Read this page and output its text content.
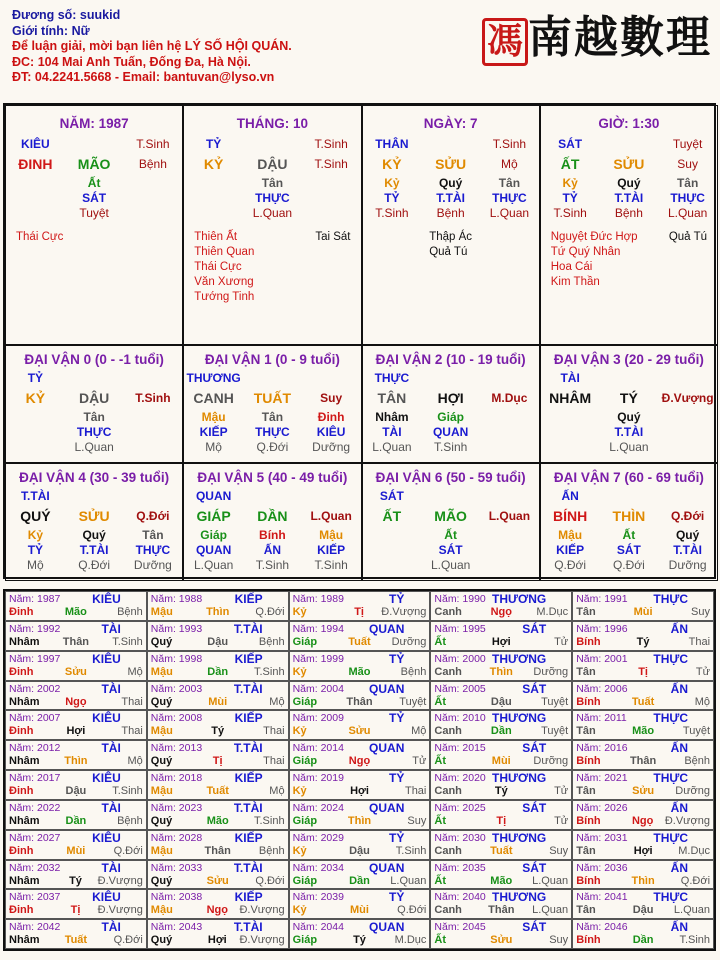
Đương số: suukid
Giới tính: Nữ
Để luận giải, mời bạn liên hệ LÝ SỐ HỘI QUÁN.
ĐC: 104 Mai Anh Tuấn, Đống Đa, Hà Nội.
ĐT: 04.2241.5668 - Email: bantuvan@lyso.vn
馮 南越數理
NĂM: 1987
KIÊU	T.Sinh
ĐINH	MÃO	Bệnh
Ất
SÁT
Tuyệt
Thái Cực
THÁNG: 10
TỶ	T.Sinh
KỶ	DẬU	T.Sinh
Tân
THỰC
L.Quan
Thiên Ất
Thiên Quan
Thái Cực
Văn Xương
Tướng Tinh
Tai Sát
NGÀY: 7
THÂN	T.Sinh
KỶ	SỬU	Mộ
Kỷ	Quý	Tân
TỶ	T.TÀI	THỰC
T.Sinh	Bệnh	L.Quan
Thập Ác
Quả Tú
GIỜ: 1:30
SÁT	Tuyệt
ẤT	SỬU	Suy
Kỷ	Quý	Tân
TỶ	T.TÀI	THỰC
T.Sinh	Bệnh	L.Quan
Nguyệt Đức Hợp
Tứ Quý Nhân
Hoa Cái
Kim Thần
Quả Tú
ĐẠI VẬN 0 (0 - -1 tuổi)
TỶ
KỶ	DẬU	T.Sinh
Tân
THỰC
L.Quan
ĐẠI VẬN 1 (0 - 9 tuổi)
THƯƠNG
CANH	TUẤT	Suy
Mậu	Tân	Đinh
KIẾP	THỰC	KIÊU
Mộ	Q.Đới	Dưỡng
ĐẠI VẬN 2 (10 - 19 tuổi)
THỰC
TÂN	HỢI	M.Dục
Nhâm	Giáp
TÀI	QUAN
L.Quan	T.Sinh
ĐẠI VẬN 3 (20 - 29 tuổi)
TÀI
NHÂM	TÝ	Đ.Vượng
Quý
T.TÀI
L.Quan
ĐẠI VẬN 4 (30 - 39 tuổi)
T.TÀI
QUÝ	SỬU	Q.Đới
Kỷ	Quý	Tân
TỶ	T.TÀI	THỰC
Mộ	Q.Đới	Dưỡng
ĐẠI VẬN 5 (40 - 49 tuổi)
QUAN
GIÁP	DẦN	L.Quan
Giáp	Bính	Mậu
QUAN	ẤN	KIẾP
L.Quan	T.Sinh	T.Sinh
ĐẠI VẬN 6 (50 - 59 tuổi)
SÁT
ẤT	MÃO	L.Quan
Ất
SÁT
L.Quan
ĐẠI VẬN 7 (60 - 69 tuổi)
ẤN
BÍNH	THÌN	Q.Đới
Mậu	Ất	Quý
KIẾP	SÁT	T.TÀI
Q.Đới	Q.Đới	Dưỡng
Năm: 1987	KIÊU
Đinh	Mão	Bệnh
Năm: 1988	KIẾP
Mậu	Thìn	Q.Đới
Năm: 1989	TỶ
Kỷ	Tị	Đ.Vượng
Năm: 1990 THƯƠNG
Canh	Ngọ	M.Dục
Năm: 1991 THỰC
Tân	Mùi	Suy
Năm: 1992	TÀI
Nhâm	Thân	T.Sinh
Năm: 1993	T.TÀI
Quý	Dậu	Bệnh
Năm: 1994 QUAN
Giáp	Tuất	Dưỡng
Năm: 1995	SÁT
Ất	Hợi	Tử
Năm: 1996	ẤN
Bính	Tý	Thai
Năm: 1997	KIÊU
Đinh	Sửu	Mộ
Năm: 1998	KIẾP
Mậu	Dần	T.Sinh
Năm: 1999	TỶ
Kỷ	Mão	Bệnh
Năm: 2000 THƯƠNG
Canh	Thìn	Dưỡng
Năm: 2001 THỰC
Tân	Tị	Tử
Năm: 2002	TÀI
Nhâm	Ngọ	Thai
Năm: 2003	T.TÀI
Quý	Mùi	Mộ
Năm: 2004 QUAN
Giáp	Thân	Tuyệt
Năm: 2005	SÁT
Ất	Dậu	Tuyệt
Năm: 2006	ẤN
Bính	Tuất	Mộ
Năm: 2007	KIÊU
Đinh	Hợi	Thai
Năm: 2008	KIẾP
Mậu	Tý	Thai
Năm: 2009	TỶ
Kỷ	Sửu	Mộ
Năm: 2010 THƯƠNG
Canh	Dần	Tuyệt
Năm: 2011 THỰC
Tân	Mão	Tuyệt
Năm: 2012	TÀI
Nhâm	Thìn	Mộ
Năm: 2013	T.TÀI
Quý	Tị	Thai
Năm: 2014 QUAN
Giáp	Ngọ	Tử
Năm: 2015	SÁT
Ất	Mùi	Dưỡng
Năm: 2016	ẤN
Bính	Thân	Bệnh
Năm: 2017	KIÊU
Đinh	Dậu	T.Sinh
Năm: 2018	KIẾP
Mậu	Tuất	Mộ
Năm: 2019	TỶ
Kỷ	Hợi	Thai
Năm: 2020 THƯƠNG
Canh	Tý	Tử
Năm: 2021 THỰC
Tân	Sửu	Dưỡng
Năm: 2022	TÀI
Nhâm	Dần	Bệnh
Năm: 2023	T.TÀI
Quý	Mão	T.Sinh
Năm: 2024 QUAN
Giáp	Thìn	Suy
Năm: 2025	SÁT
Ất	Tị	Tử
Năm: 2026	ẤN
Bính	Ngọ	Đ.Vượng
Năm: 2027	KIÊU
Đinh	Mùi	Q.Đới
Năm: 2028	KIẾP
Mậu	Thân	Bệnh
Năm: 2029	TỶ
Kỷ	Dậu	T.Sinh
Năm: 2030 THƯƠNG
Canh	Tuất	Suy
Năm: 2031 THỰC
Tân	Hợi	M.Dục
Năm: 2032	TÀI
Nhâm	Tý	Đ.Vượng
Năm: 2033	T.TÀI
Quý	Sửu	Q.Đới
Năm: 2034 QUAN
Giáp	Dần	L.Quan
Năm: 2035	SÁT
Ất	Mão	L.Quan
Năm: 2036	ẤN
Bính	Thìn	Q.Đới
Năm: 2037	KIÊU
Đinh	Tị	Đ.Vượng
Năm: 2038	KIẾP
Mậu	Ngọ	Đ.Vượng
Năm: 2039	TỶ
Kỷ	Mùi	Q.Đới
Năm: 2040 THƯƠNG
Canh	Thân	L.Quan
Năm: 2041 THỰC
Tân	Dậu	L.Quan
Năm: 2042	TÀI
Nhâm	Tuất	Q.Đới
Năm: 2043	T.TÀI
Quý	Hợi	Đ.Vượng
Năm: 2044 QUAN
Giáp	Tý	M.Dục
Năm: 2045	SÁT
Ất	Sửu	Suy
Năm: 2046	ẤN
Bính	Dần	T.Sinh
